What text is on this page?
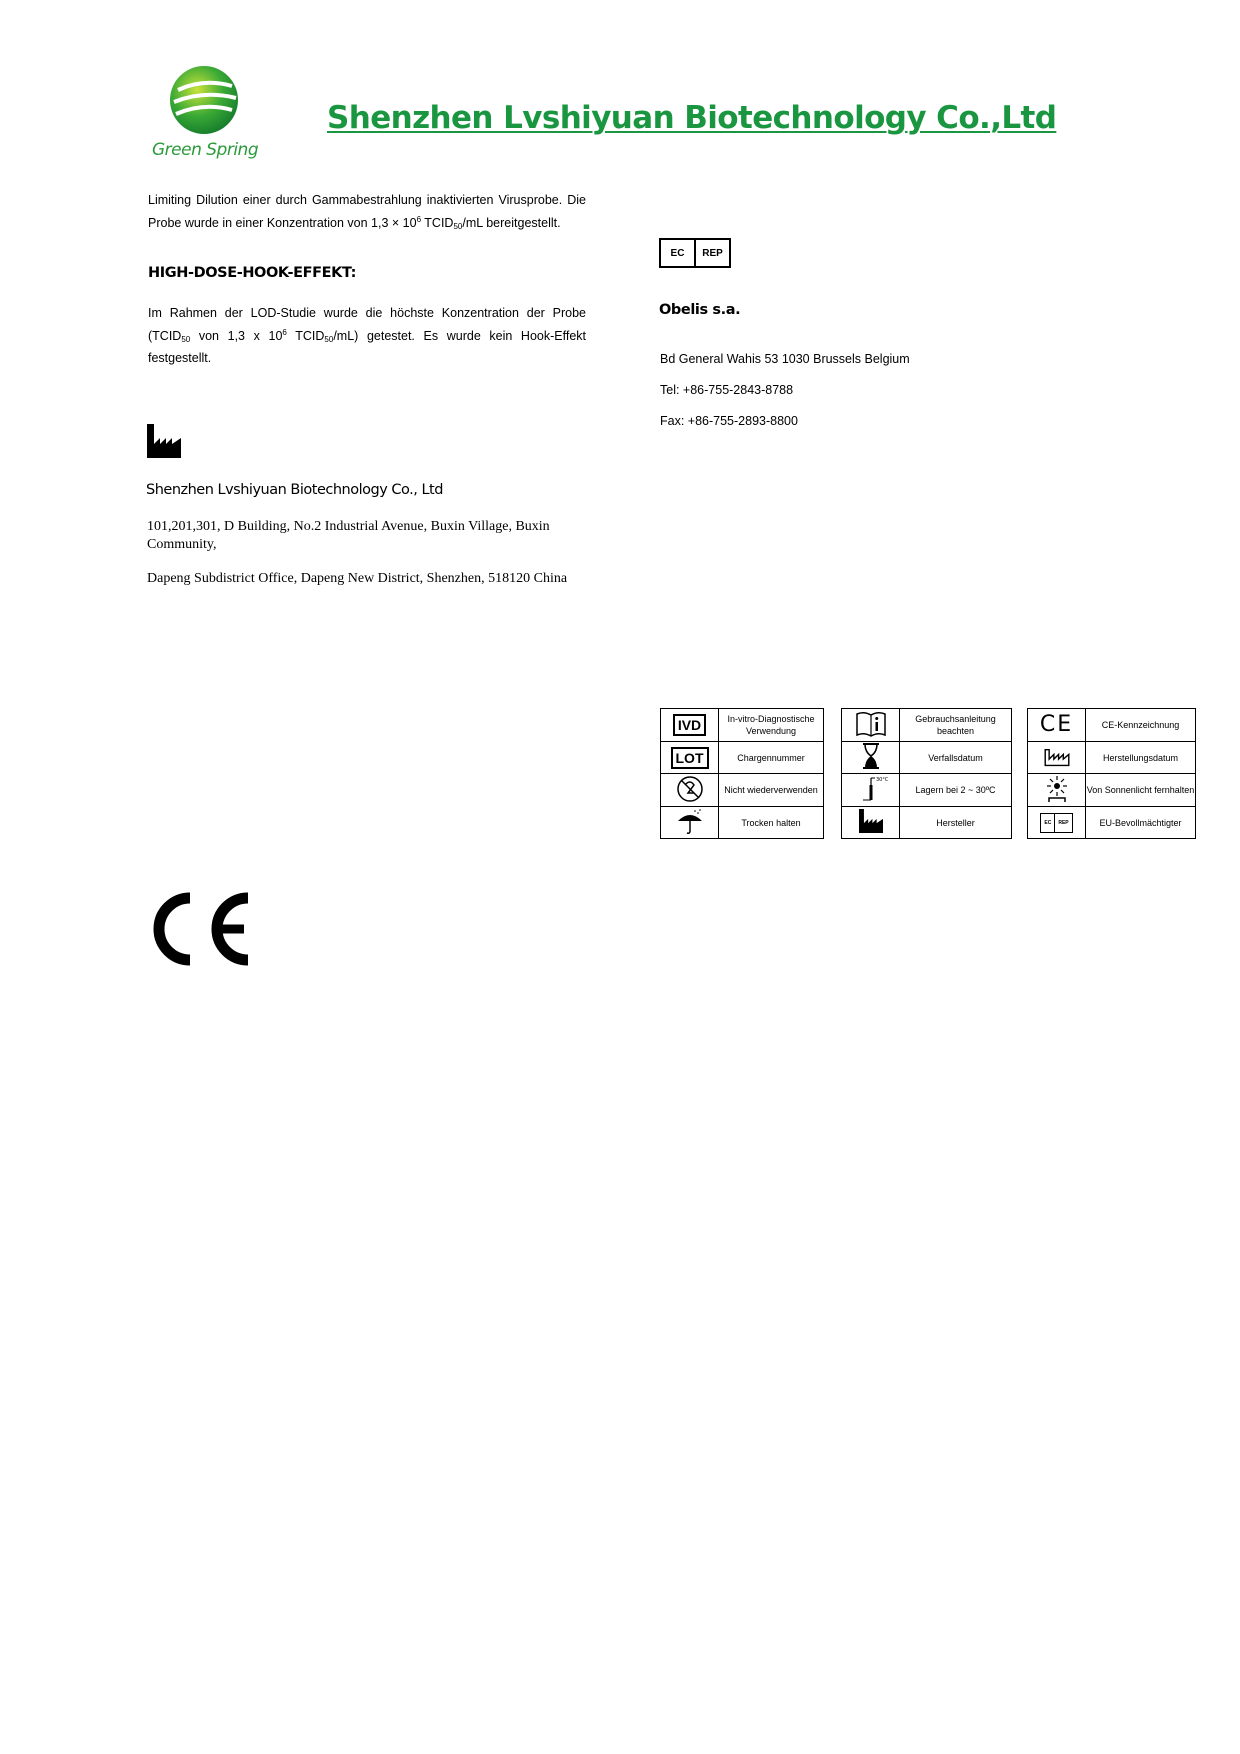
Green Spring
Shenzhen Lvshiyuan Biotechnology Co.,Ltd
Limiting Dilution einer durch Gammabestrahlung inaktivierten Virusprobe. Die Probe wurde in einer Konzentration von $1,3 \times 10^6$ $TCID_{50}/mL$ bereitgestellt.
HIGH-DOSE-HOOK-EFFEKT:
Im Rahmen der LOD-Studie wurde die höchste Konzentration der Probe ($TCID_{50}$ von 1,3 x $10^6$ $TCID_{50}/mL$) getestet. Es wurde kein Hook-Effekt festgestellt.
Shenzhen Lvshiyuan Biotechnology Co., Ltd
101,201,301, D Building, No.2 Industrial Avenue, Buxin Village, Buxin Community,
Dapeng Subdistrict Office, Dapeng New District, Shenzhen, 518120 China
EC	REP
Obelis s.a.
Bd General Wahis 53 1030 Brussels Belgium
Tel: +86-755-2843-8788
Fax: +86-755-2893-8800
IVD	In-vitro-Diagnostische Verwendung
LOT	Chargennummer
	Nicht wiederverwenden
	Trocken halten
	Gebrauchsanleitung beachten
	Verfallsdatum

30°C	Lagern bei 2 ~ 30ºC
	Hersteller
CE	CE-Kennzeichnung
	Herstellungsdatum
	Von Sonnenlicht fernhalten

EC REP	EU-Bevollmächtigter
